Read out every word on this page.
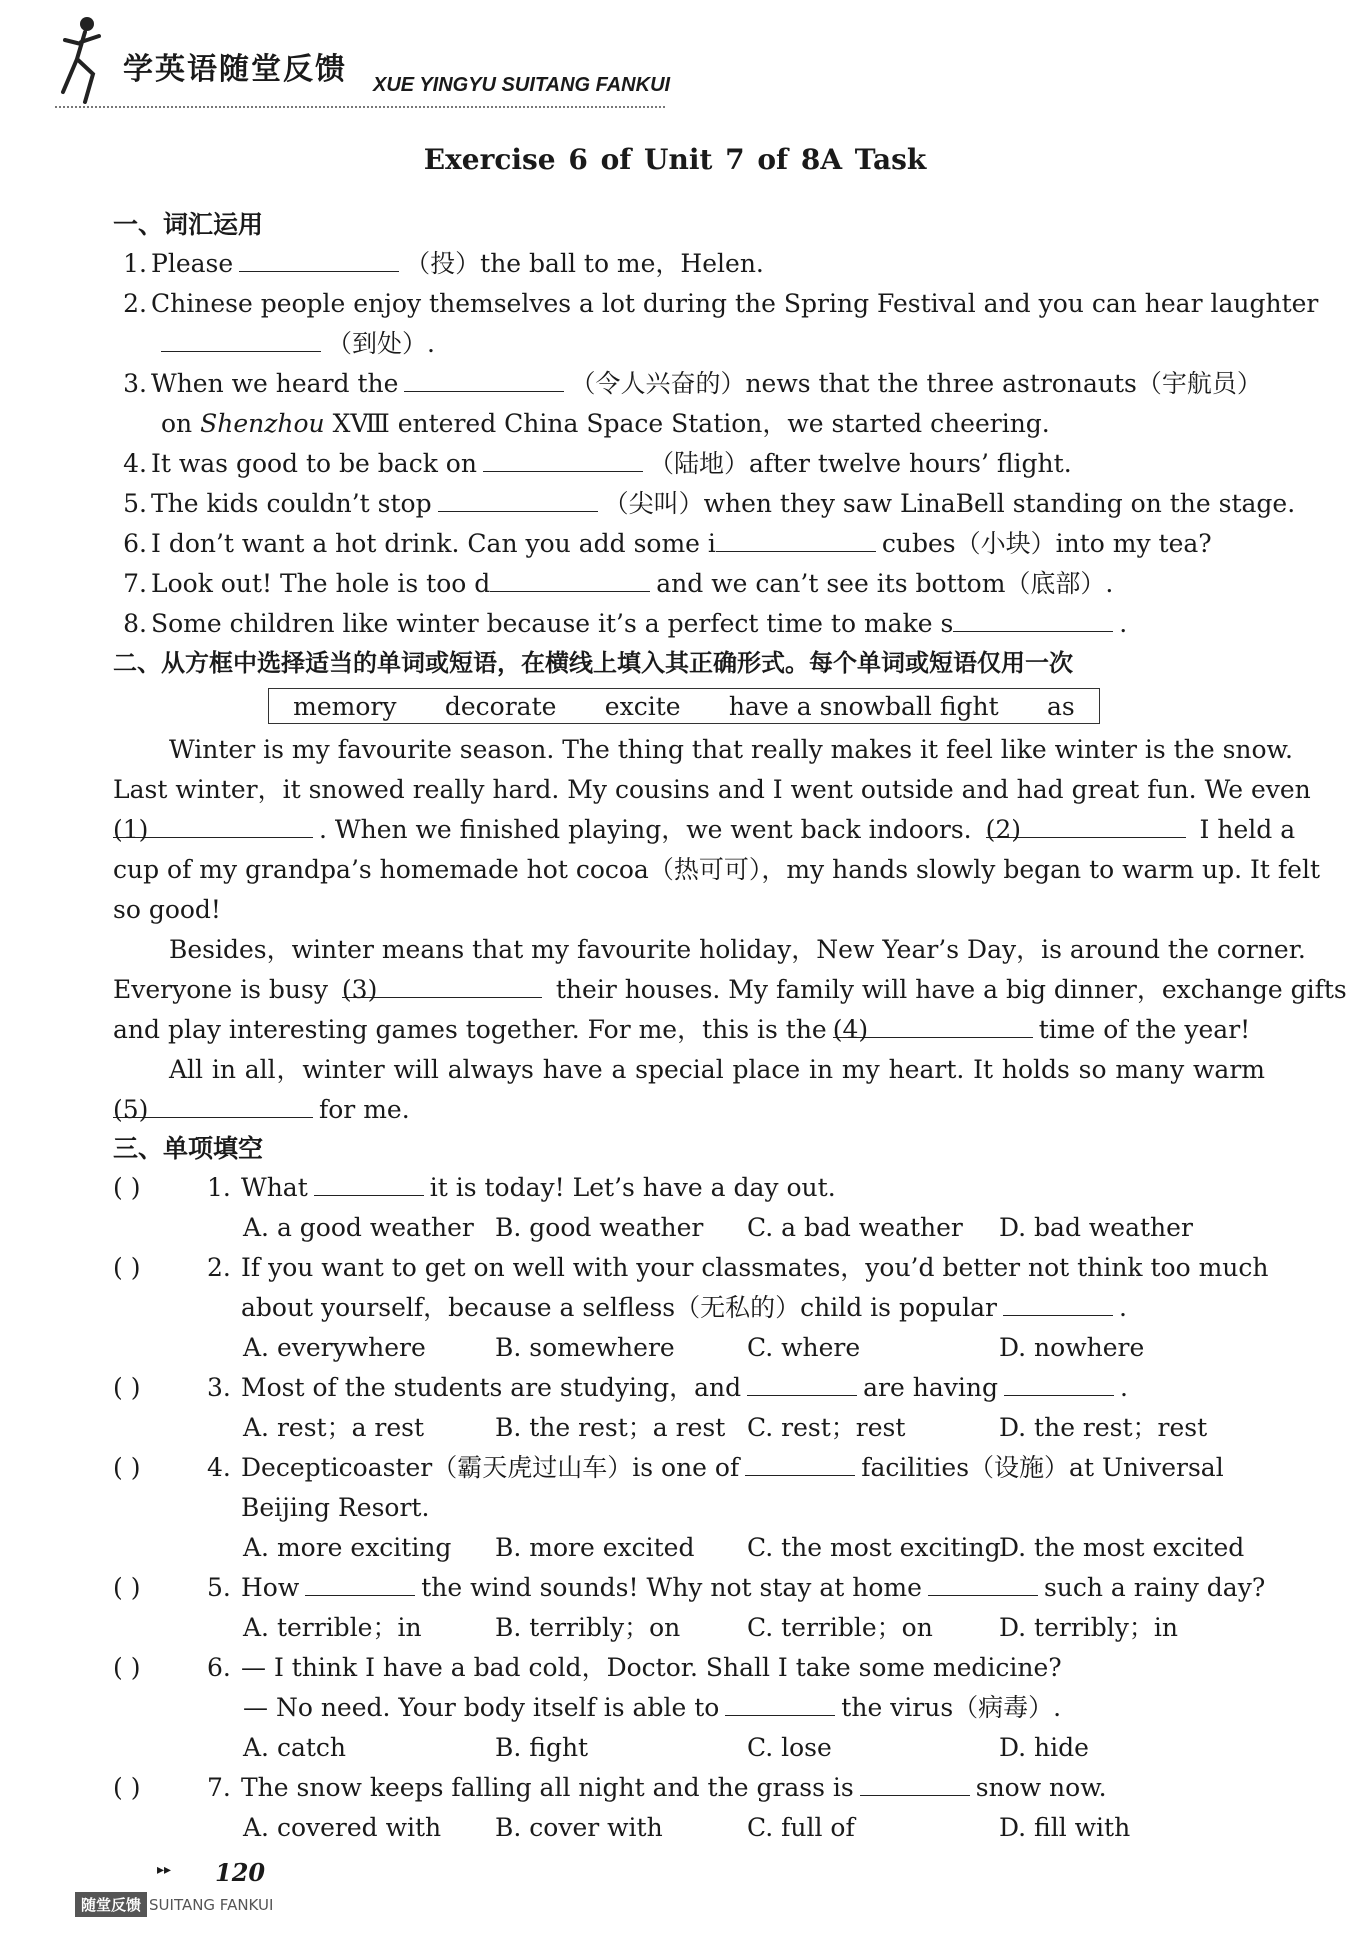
学英语随堂反馈 XUE YINGYU SUITANG FANKUI
Exercise 6 of Unit 7 of 8A Task
一、词汇运用
1. Please	（投）the ball to me，Helen.
2. Chinese people enjoy themselves a lot during the Spring Festival and you can hear laughter
（到处）.
3. When we heard the	（令人兴奋的）news that the three astronauts（宇航员）
on Shenzhou XⅧ entered China Space Station，we started cheering.
4. It was good to be back on	（陆地）after twelve hours’ flight.
5. The kids couldn’t stop	（尖叫）when they saw LinaBell standing on the stage.
6. I don’t want a hot drink. Can you add some i	cubes（小块）into my tea?
7. Look out! The hole is too d	and we can’t see its bottom（底部）.
8. Some children like winter because it’s a perfect time to make s	.
二、从方框中选择适当的单词或短语，在横线上填入其正确形式。每个单词或短语仅用一次
memory decorate excite have a snowball fight as
Winter is my favourite season. The thing that really makes it feel like winter is the snow.
Last winter，it snowed really hard. My cousins and I went outside and had great fun. We even
(1)	. When we finished playing，we went back indoors. (2)	I held a
cup of my grandpa’s homemade hot cocoa（热可可），my hands slowly began to warm up. It felt
so good!
Besides，winter means that my favourite holiday，New Year’s Day，is around the corner.
Everyone is busy (3)	their houses. My family will have a big dinner，exchange gifts
and play interesting games together. For me，this is the (4)	time of the year!
All in all，winter will always have a special place in my heart. It holds so many warm
(5)	for me.
三、单项填空
( )	1. What	it is today! Let’s have a day out.
A. a good weather B. good weather	C. a bad weather	D. bad weather
( )	2. If you want to get on well with your classmates，you’d better not think too much
about yourself，because a selfless（无私的）child is popular	.
A. everywhere	B. somewhere	C. where	D. nowhere
( )	3. Most of the students are studying，and	are having	.
A. rest；a rest	B. the rest；a rest C. rest；rest	D. the rest；rest
( )	4. Decepticoaster（霸天虎过山车）is one of	facilities（设施）at Universal
Beijing Resort.
A. more exciting	B. more excited	C. the most exciting
D. the most excited
( )	5. How	the wind sounds! Why not stay at home	such a rainy day?
A. terrible；in	B. terribly；on	C. terrible；on	D. terribly；in
( )	6. — I think I have a bad cold，Doctor. Shall I take some medicine?
— No need. Your body itself is able to	the virus（病毒）.
A. catch	B. fight	C. lose	D. hide
( )	7. The snow keeps falling all night and the grass is	snow now.
A. covered with	B. cover with	C. full of	D. fill with
▸▸ 120
随堂反馈 SUITANG FANKUI
